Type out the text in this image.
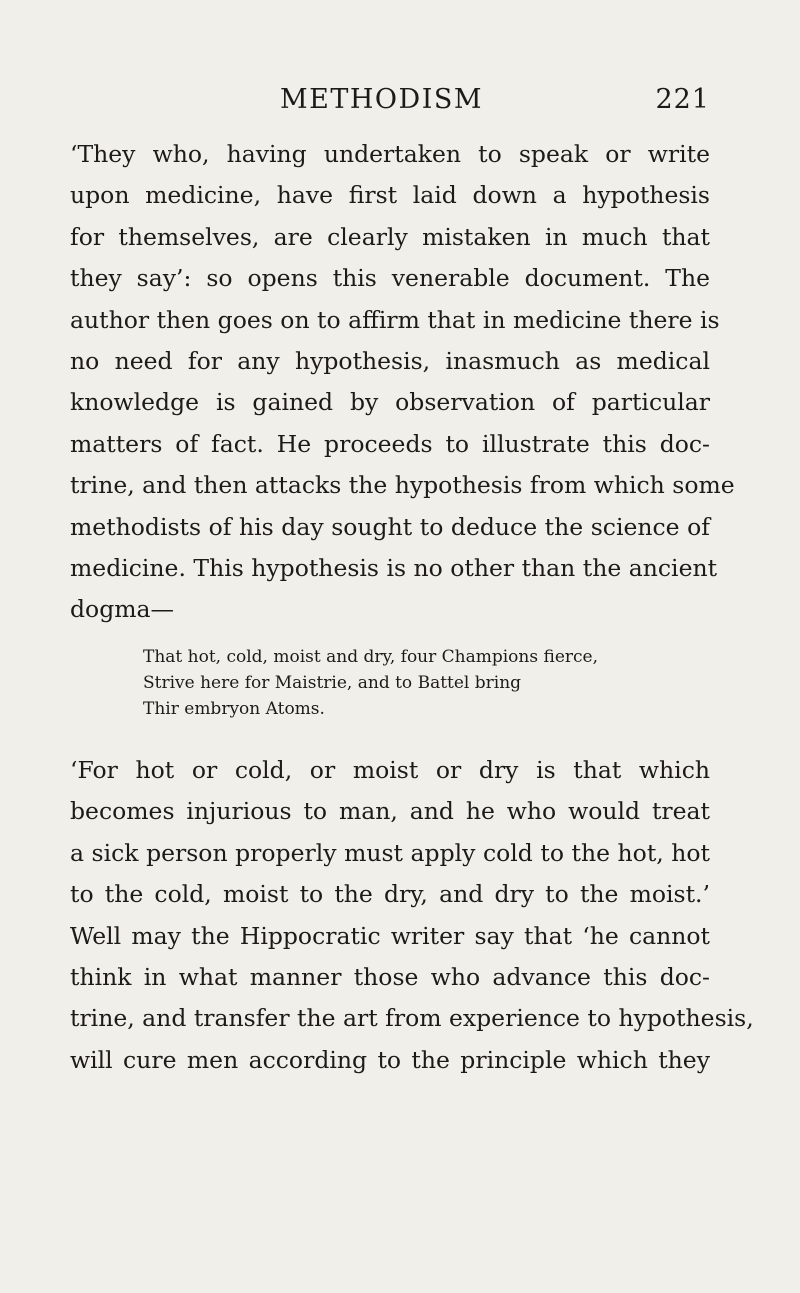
METHODISM	221
‘They who, having undertaken to speak or write
upon medicine, have first laid down a hypothesis
for themselves, are clearly mistaken in much that
they say’: so opens this venerable document. The
author then goes on to affirm that in medicine there is
no need for any hypothesis, inasmuch as medical
knowledge is gained by observation of particular
matters of fact. He proceeds to illustrate this doc-
trine, and then attacks the hypothesis from which some
methodists of his day sought to deduce the science of
medicine. This hypothesis is no other than the ancient
dogma—
That hot, cold, moist and dry, four Champions fierce,
Strive here for Maistrie, and to Battel bring
Thir embryon Atoms.
‘For hot or cold, or moist or dry is that which
becomes injurious to man, and he who would treat
a sick person properly must apply cold to the hot, hot
to the cold, moist to the dry, and dry to the moist.’
Well may the Hippocratic writer say that ‘he cannot
think in what manner those who advance this doc-
trine, and transfer the art from experience to hypothesis,
will cure men according to the principle which they
